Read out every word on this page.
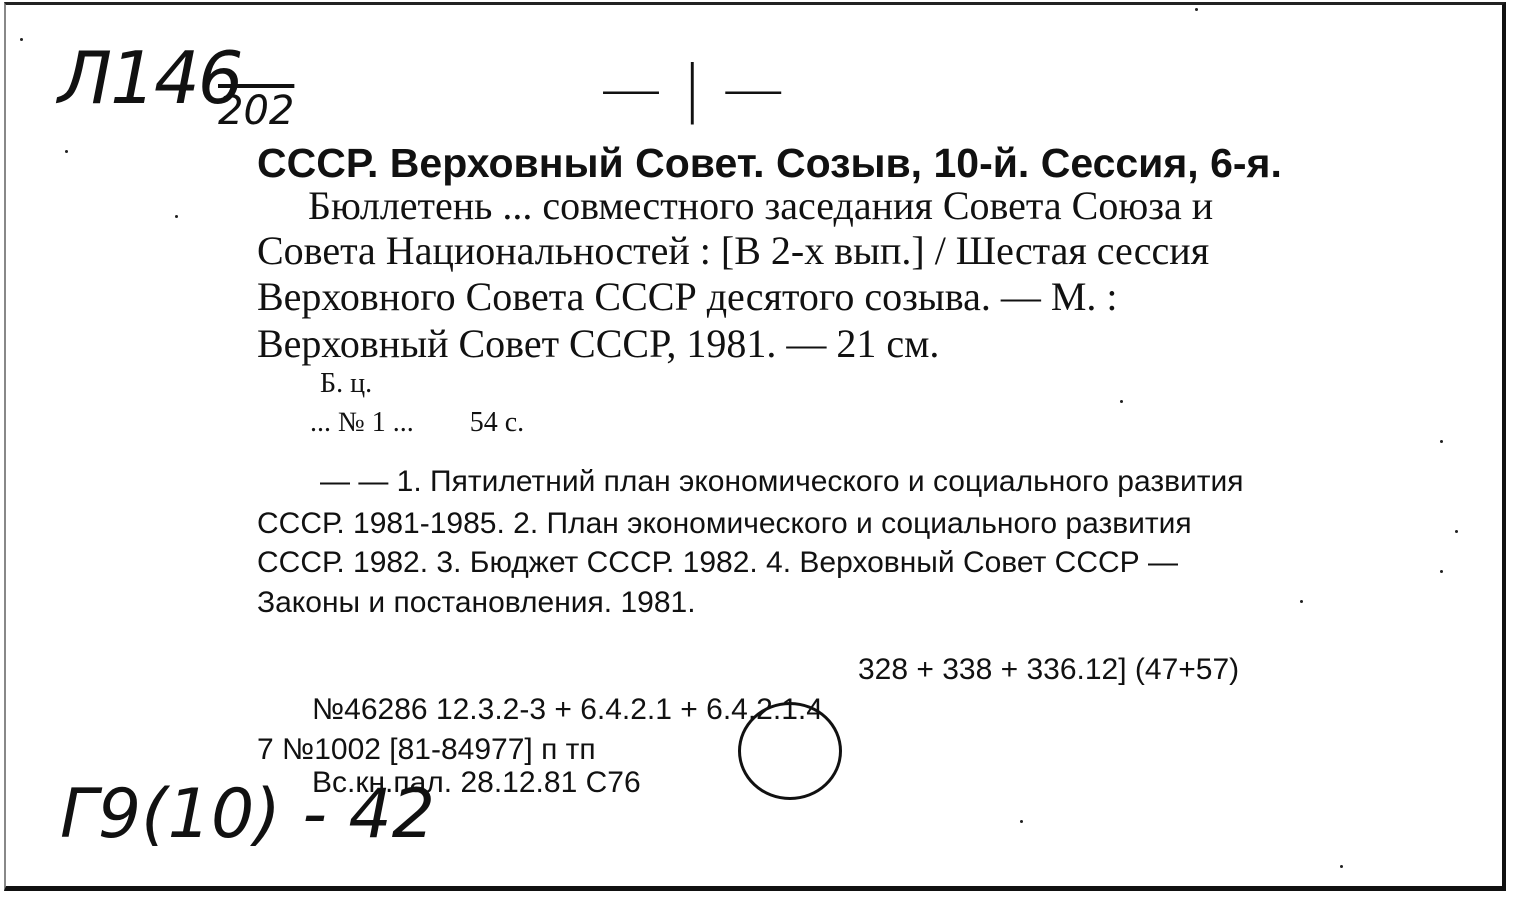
Л146
202	— | —
СССР. Верховный Совет. Созыв, 10-й. Сессия, 6-я.
Бюллетень ... совместного заседания Совета Союза и
Совета Национальностей : [В 2-х вып.] / Шестая сессия
Верховного Совета СССР десятого созыва. — М. :
Верховный Совет СССР, 1981. — 21 см.
Б. ц.
... № 1 ... 54 с.
— — 1. Пятилетний план экономического и социального развития
СССР. 1981-1985. 2. План экономического и социального развития
СССР. 1982. 3. Бюджет СССР. 1982. 4. Верховный Совет СССР —
Законы и постановления. 1981.
328 + 338 + 336.12] (47+57)
№46286 12.3.2-3 + 6.4.2.1 + 6.4.2.1.4
7 №1002 [81-84977] п тп
Вс.кн.пал. 28.12.81 С76
Г9(10) - 42
